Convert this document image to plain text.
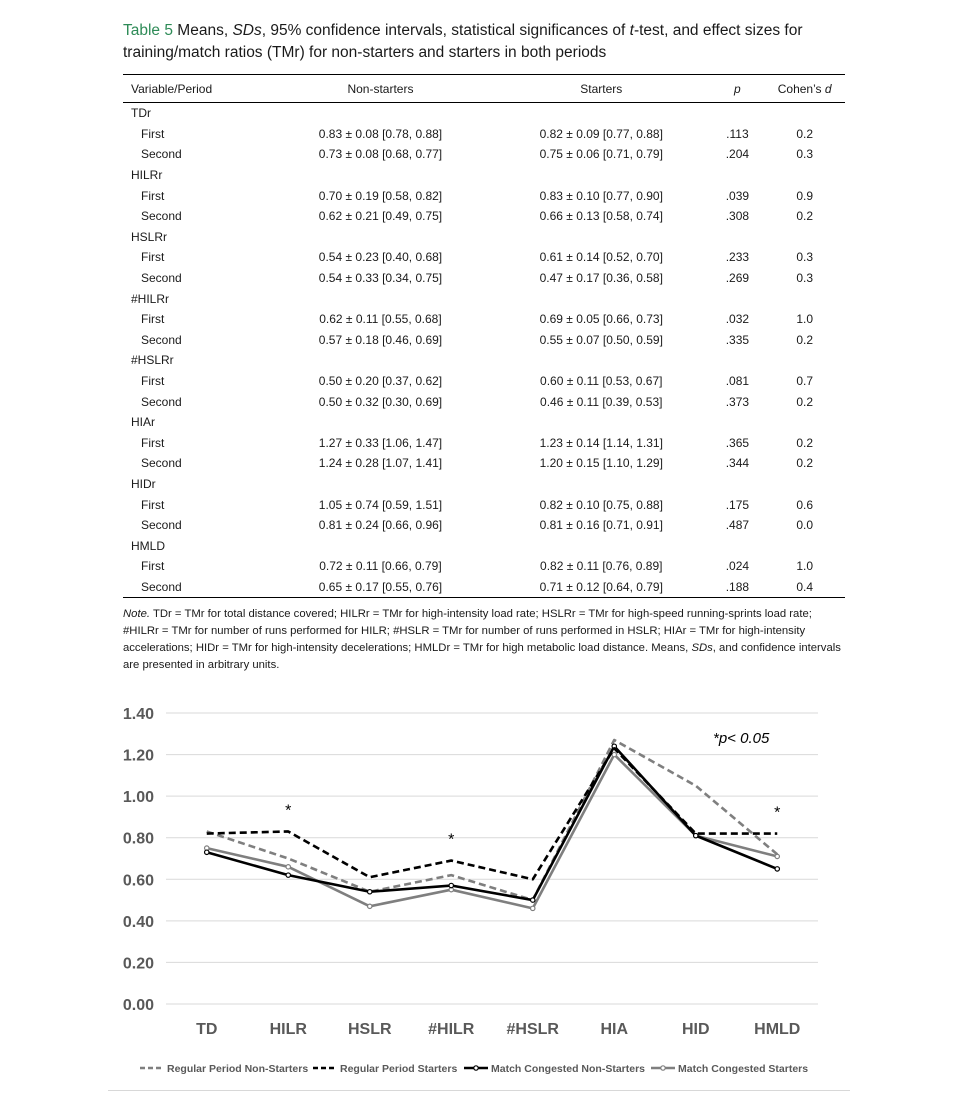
Table 5 Means, SDs, 95% confidence intervals, statistical significances of t-test, and effect sizes for training/match ratios (TMr) for non-starters and starters in both periods
Variable/Period	Non-starters	Starters	p	Cohen’s d
TDr				
First	0.83 ± 0.08 [0.78, 0.88]	0.82 ± 0.09 [0.77, 0.88]	.113	0.2
Second	0.73 ± 0.08 [0.68, 0.77]	0.75 ± 0.06 [0.71, 0.79]	.204	0.3
HILRr				
First	0.70 ± 0.19 [0.58, 0.82]	0.83 ± 0.10 [0.77, 0.90]	.039	0.9
Second	0.62 ± 0.21 [0.49, 0.75]	0.66 ± 0.13 [0.58, 0.74]	.308	0.2
HSLRr				
First	0.54 ± 0.23 [0.40, 0.68]	0.61 ± 0.14 [0.52, 0.70]	.233	0.3
Second	0.54 ± 0.33 [0.34, 0.75]	0.47 ± 0.17 [0.36, 0.58]	.269	0.3
#HILRr				
First	0.62 ± 0.11 [0.55, 0.68]	0.69 ± 0.05 [0.66, 0.73]	.032	1.0
Second	0.57 ± 0.18 [0.46, 0.69]	0.55 ± 0.07 [0.50, 0.59]	.335	0.2
#HSLRr				
First	0.50 ± 0.20 [0.37, 0.62]	0.60 ± 0.11 [0.53, 0.67]	.081	0.7
Second	0.50 ± 0.32 [0.30, 0.69]	0.46 ± 0.11 [0.39, 0.53]	.373	0.2
HIAr				
First	1.27 ± 0.33 [1.06, 1.47]	1.23 ± 0.14 [1.14, 1.31]	.365	0.2
Second	1.24 ± 0.28 [1.07, 1.41]	1.20 ± 0.15 [1.10, 1.29]	.344	0.2
HIDr				
First	1.05 ± 0.74 [0.59, 1.51]	0.82 ± 0.10 [0.75, 0.88]	.175	0.6
Second	0.81 ± 0.24 [0.66, 0.96]	0.81 ± 0.16 [0.71, 0.91]	.487	0.0
HMLD				
First	0.72 ± 0.11 [0.66, 0.79]	0.82 ± 0.11 [0.76, 0.89]	.024	1.0
Second	0.65 ± 0.17 [0.55, 0.76]	0.71 ± 0.12 [0.64, 0.79]	.188	0.4
Note. TDr = TMr for total distance covered; HILRr = TMr for high-intensity load rate; HSLRr = TMr for high-speed running-sprints load rate; #HILRr = TMr for number of runs performed for HILR; #HSLR = TMr for number of runs performed in HSLR; HIAr = TMr for high-intensity accelerations; HIDr = TMr for high-intensity decelerations; HMLDr = TMr for high metabolic load distance. Means, SDs, and confidence intervals are presented in arbitrary units.
0.00
0.20
0.40
0.60
0.80
1.00
1.20
1.40
TD	HILR	HSLR #HILR #HSLR	HIA	HID	HMLD
*
*
*
*p< 0.05
Regular Period Non-Starters	Regular Period Starters	Match Congested Non-Starters	Match Congested Starters
